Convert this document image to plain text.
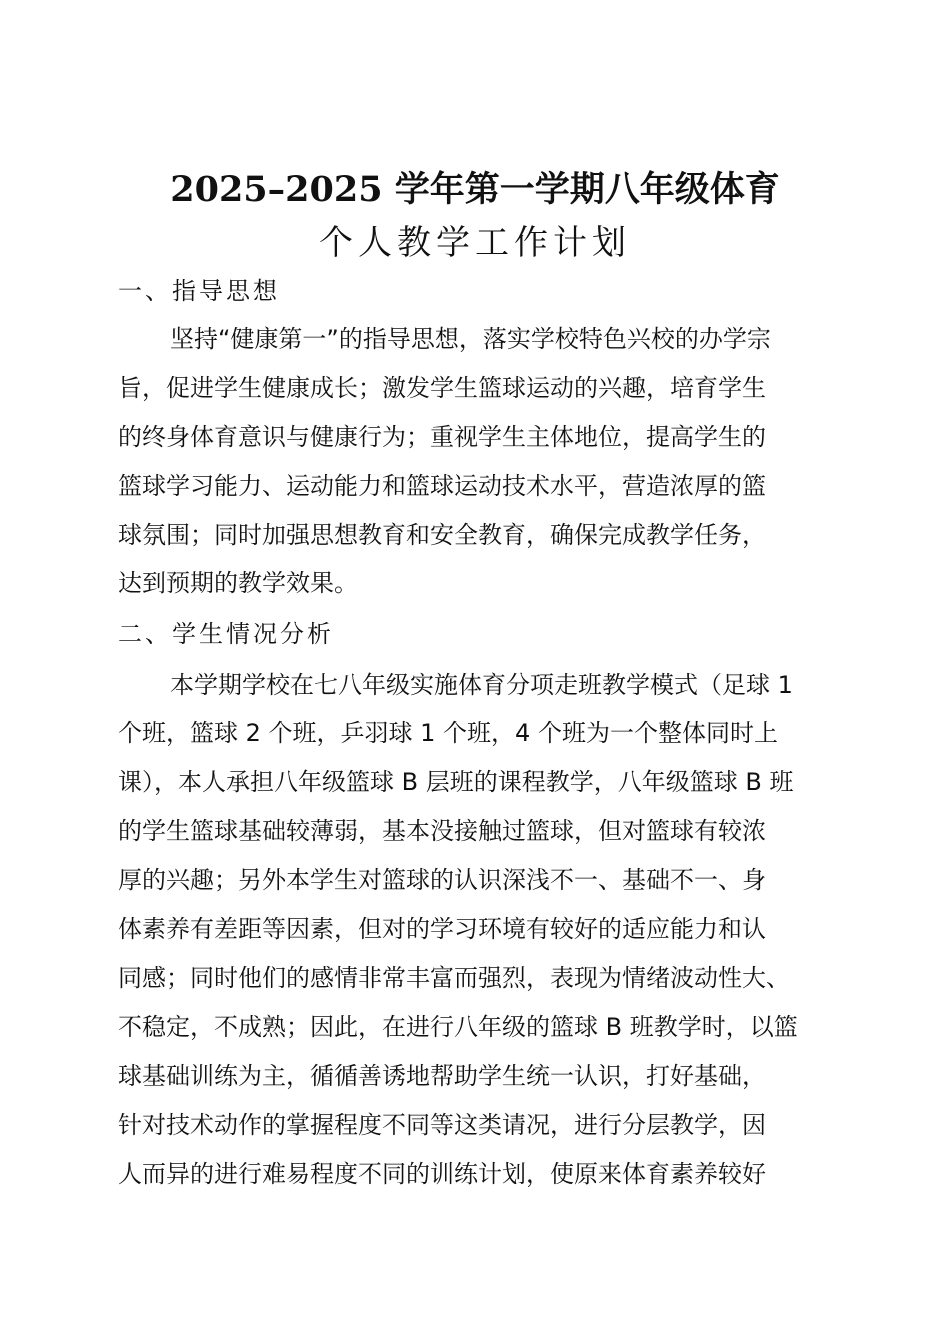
2025–2025 学年第一学期八年级体育
个人教学工作计划
一、指导思想
坚持“健康第一”的指导思想，落实学校特色兴校的办学宗
旨，促进学生健康成长；激发学生篮球运动的兴趣，培育学生
的终身体育意识与健康行为；重视学生主体地位，提高学生的
篮球学习能力、运动能力和篮球运动技术水平，营造浓厚的篮
球氛围；同时加强思想教育和安全教育，确保完成教学任务，
达到预期的教学效果。
二、学生情况分析
本学期学校在七八年级实施体育分项走班教学模式（足球 1
个班，篮球 2 个班，乒羽球 1 个班，4 个班为一个整体同时上
课），本人承担八年级篮球 B 层班的课程教学，八年级篮球 B 班
的学生篮球基础较薄弱，基本没接触过篮球，但对篮球有较浓
厚的兴趣；另外本学生对篮球的认识深浅不一、基础不一、身
体素养有差距等因素，但对的学习环境有较好的适应能力和认
同感；同时他们的感情非常丰富而强烈，表现为情绪波动性大、
不稳定，不成熟；因此，在进行八年级的篮球 B 班教学时，以篮
球基础训练为主，循循善诱地帮助学生统一认识，打好基础，
针对技术动作的掌握程度不同等这类请况，进行分层教学，因
人而异的进行难易程度不同的训练计划，使原来体育素养较好
